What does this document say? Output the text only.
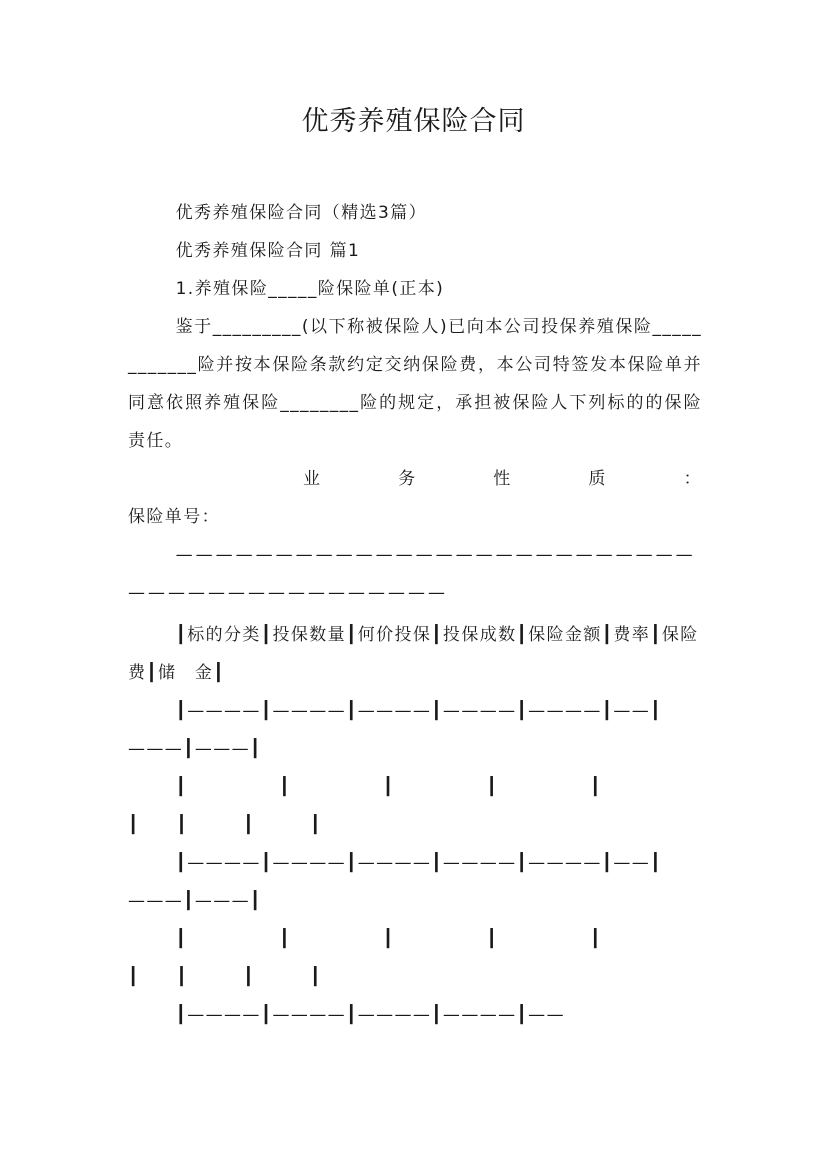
优秀养殖保险合同

优秀养殖保险合同（精选3篇）

优秀养殖保险合同 篇1

1.养殖保险_____险保险单(正本)

鉴于_________(以下称被保险人)已向本公司投保养殖保险____________险并按本保险条款约定交纳保险费，本公司特签发本保险单并同意依照养殖保险________险的规定，承担被保险人下列标的的保险责任。

业	务	性	质	：

保险单号：

——————————————————————————————————————————

┃标的分类┃投保数量┃何价投保┃投保成数┃保险金额┃费率┃保险费┃储　金┃

┃————┃————┃————┃————┃————┃——┃———┃———┃

┃　　　　　┃　　　　　┃　　　　　┃　　　　　┃　　　　　┃　　┃　　　┃　　　┃

┃————┃————┃————┃————┃————┃——┃———┃———┃

┃　　　　　┃　　　　　┃　　　　　┃　　　　　┃　　　　　┃　　┃　　　┃　　　┃

┃————┃————┃————┃————┃——
